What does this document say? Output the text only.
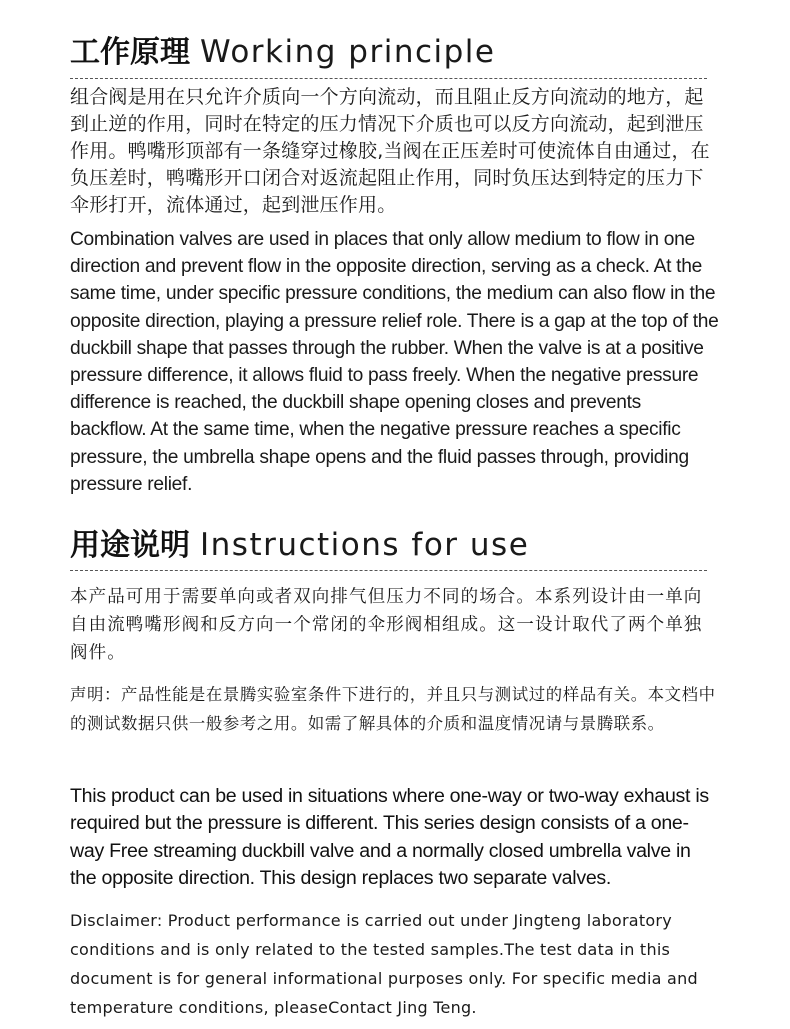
工作原理 Working principle

组合阀是用在只允许介质向一个方向流动，而且阻止反方向流动的地方，起到止逆的作用，同时在特定的压力情况下介质也可以反方向流动，起到泄压作用。鸭嘴形顶部有一条缝穿过橡胶,当阀在正压差时可使流体自由通过，在负压差时，鸭嘴形开口闭合对返流起阻止作用，同时负压达到特定的压力下伞形打开，流体通过，起到泄压作用。

Combination valves are used in places that only allow medium to flow in one direction and prevent flow in the opposite direction, serving as a check. At the same time, under specific pressure conditions, the medium can also flow in the opposite direction, playing a pressure relief role. There is a gap at the top of the duckbill shape that passes through the rubber. When the valve is at a positive pressure difference, it allows fluid to pass freely. When the negative pressure difference is reached, the duckbill shape opening closes and prevents backflow. At the same time, when the negative pressure reaches a specific pressure, the umbrella shape opens and the fluid passes through, providing pressure relief.

用途说明 Instructions for use

本产品可用于需要单向或者双向排气但压力不同的场合。本系列设计由一单向自由流鸭嘴形阀和反方向一个常闭的伞形阀相组成。这一设计取代了两个单独阀件。

声明：产品性能是在景腾实验室条件下进行的，并且只与测试过的样品有关。本文档中的测试数据只供一般参考之用。如需了解具体的介质和温度情况请与景腾联系。

This product can be used in situations where one-way or two-way exhaust is required but the pressure is different. This series design consists of a one-way Free streaming duckbill valve and a normally closed umbrella valve in the opposite direction. This design replaces two separate valves.

Disclaimer: Product performance is carried out under Jingteng laboratory conditions and is only related to the tested samples.The test data in this document is for general informational purposes only. For specific media and temperature conditions, pleaseContact Jing Teng.
